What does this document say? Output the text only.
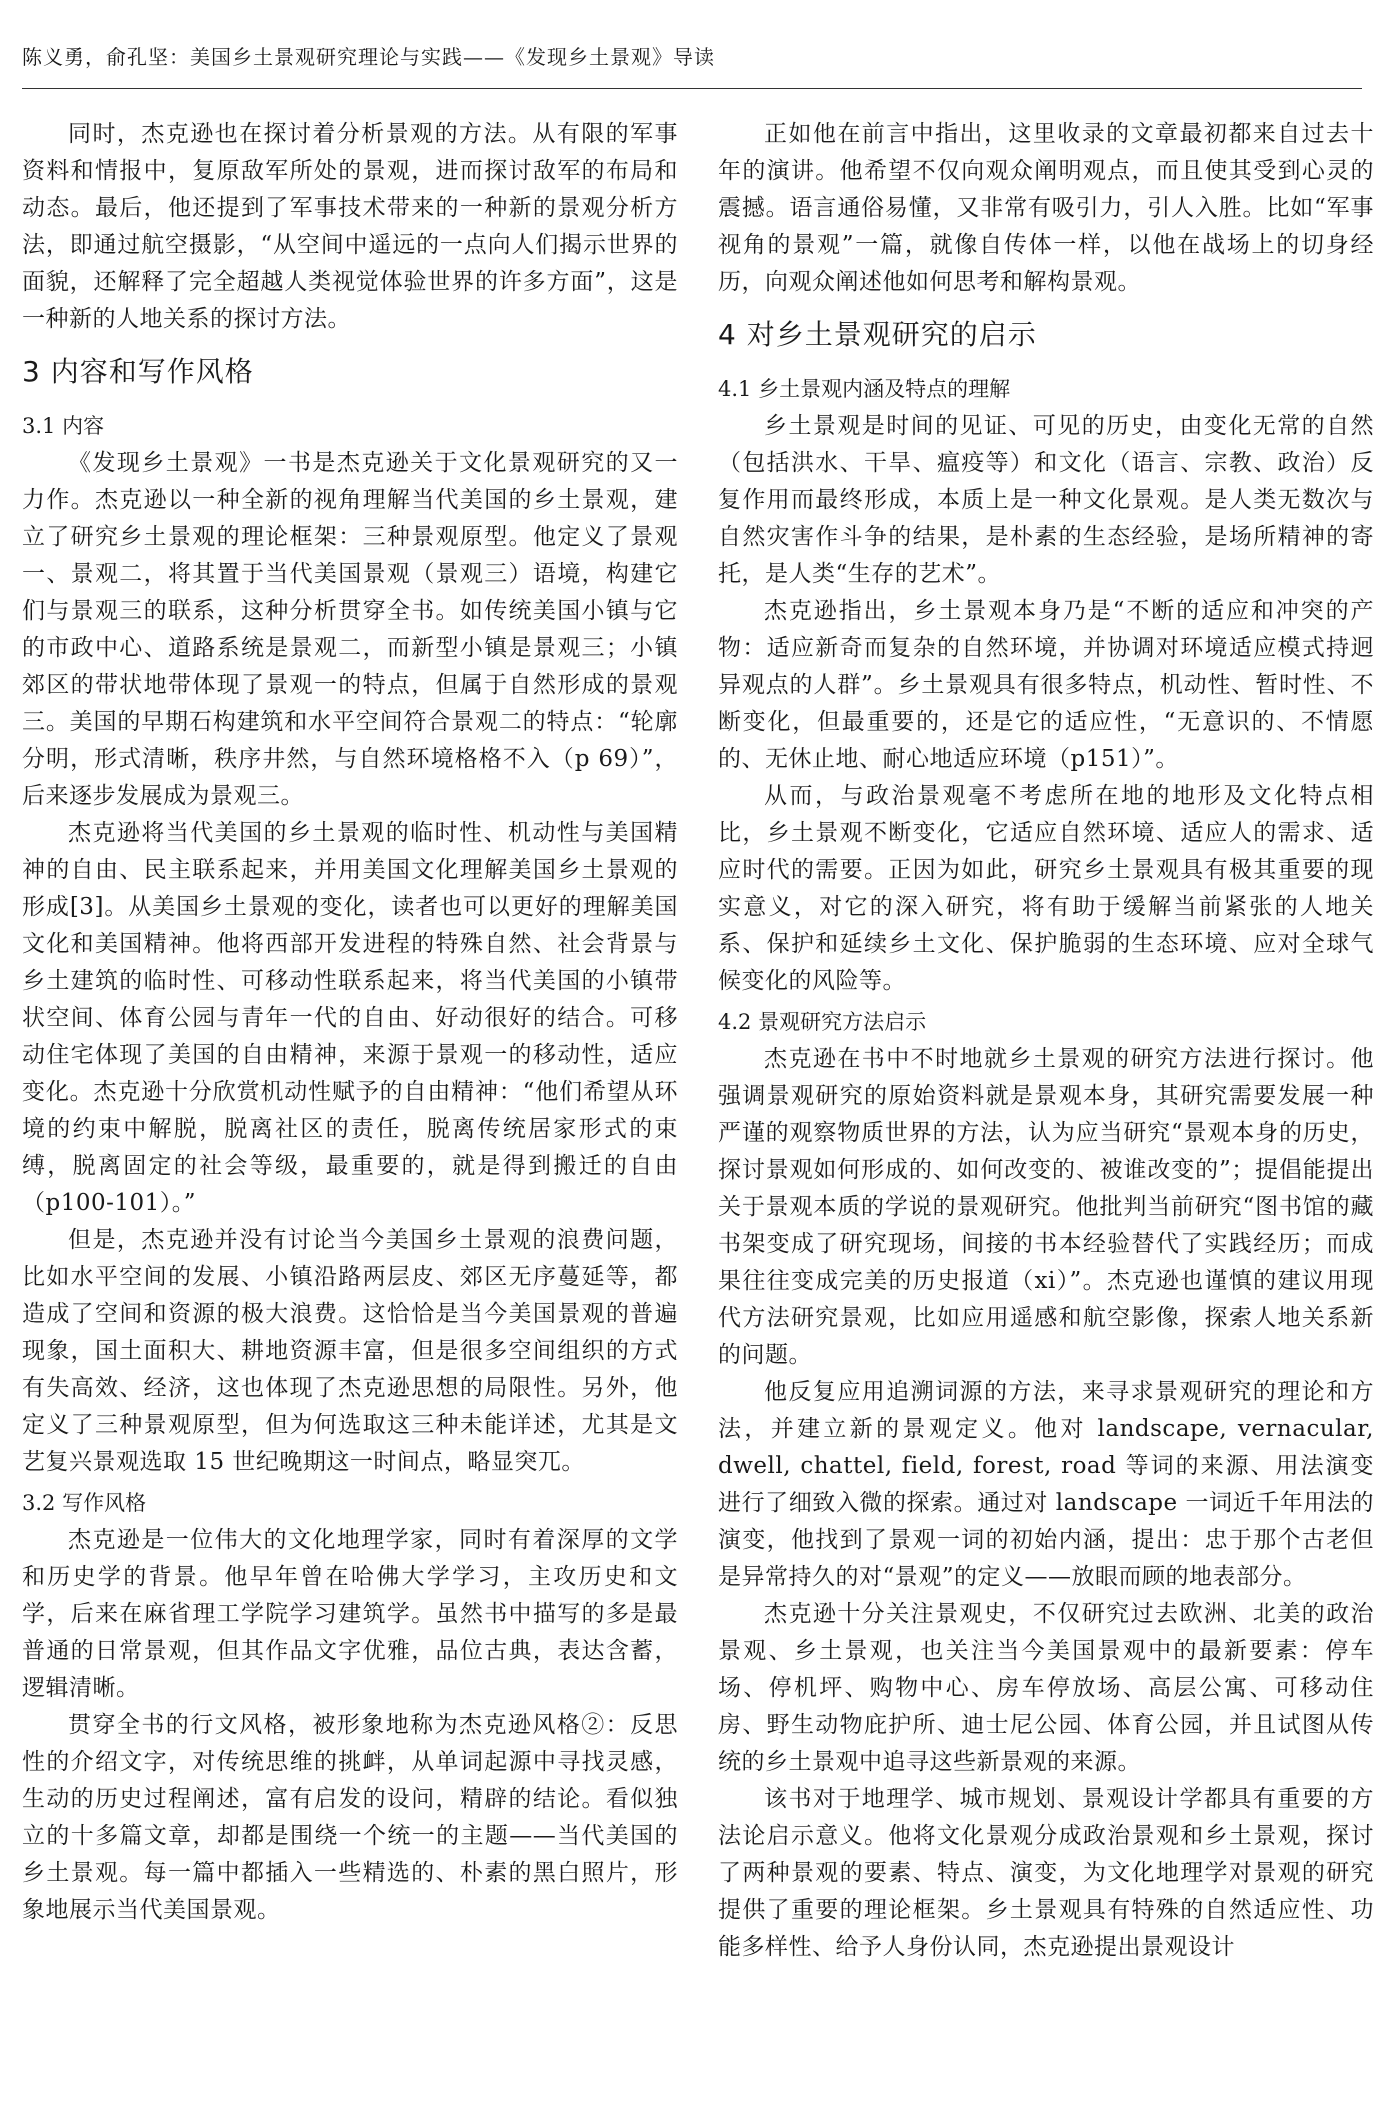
陈义勇，俞孔坚：美国乡土景观研究理论与实践——《发现乡土景观》导读

同时，杰克逊也在探讨着分析景观的方法。从有限的军事资料和情报中，复原敌军所处的景观，进而探讨敌军的布局和动态。最后，他还提到了军事技术带来的一种新的景观分析方法，即通过航空摄影，“从空间中遥远的一点向人们揭示世界的面貌，还解释了完全超越人类视觉体验世界的许多方面”，这是一种新的人地关系的探讨方法。

3 内容和写作风格
3.1 内容

《发现乡土景观》一书是杰克逊关于文化景观研究的又一力作。杰克逊以一种全新的视角理解当代美国的乡土景观，建立了研究乡土景观的理论框架：三种景观原型。他定义了景观一、景观二，将其置于当代美国景观（景观三）语境，构建它们与景观三的联系，这种分析贯穿全书。如传统美国小镇与它的市政中心、道路系统是景观二，而新型小镇是景观三；小镇郊区的带状地带体现了景观一的特点，但属于自然形成的景观三。美国的早期石构建筑和水平空间符合景观二的特点：“轮廓分明，形式清晰，秩序井然，与自然环境格格不入（p 69）”，后来逐步发展成为景观三。

杰克逊将当代美国的乡土景观的临时性、机动性与美国精神的自由、民主联系起来，并用美国文化理解美国乡土景观的形成[3]。从美国乡土景观的变化，读者也可以更好的理解美国文化和美国精神。他将西部开发进程的特殊自然、社会背景与乡土建筑的临时性、可移动性联系起来，将当代美国的小镇带状空间、体育公园与青年一代的自由、好动很好的结合。可移动住宅体现了美国的自由精神，来源于景观一的移动性，适应变化。杰克逊十分欣赏机动性赋予的自由精神：“他们希望从环境的约束中解脱，脱离社区的责任，脱离传统居家形式的束缚，脱离固定的社会等级，最重要的，就是得到搬迁的自由（p100-101）。”

但是，杰克逊并没有讨论当今美国乡土景观的浪费问题，比如水平空间的发展、小镇沿路两层皮、郊区无序蔓延等，都造成了空间和资源的极大浪费。这恰恰是当今美国景观的普遍现象，国土面积大、耕地资源丰富，但是很多空间组织的方式有失高效、经济，这也体现了杰克逊思想的局限性。另外，他定义了三种景观原型，但为何选取这三种未能详述，尤其是文艺复兴景观选取 15 世纪晚期这一时间点，略显突兀。

3.2 写作风格

杰克逊是一位伟大的文化地理学家，同时有着深厚的文学和历史学的背景。他早年曾在哈佛大学学习，主攻历史和文学，后来在麻省理工学院学习建筑学。虽然书中描写的多是最普通的日常景观，但其作品文字优雅，品位古典，表达含蓄，逻辑清晰。

贯穿全书的行文风格，被形象地称为杰克逊风格②：反思性的介绍文字，对传统思维的挑衅，从单词起源中寻找灵感，生动的历史过程阐述，富有启发的设问，精辟的结论。看似独立的十多篇文章，却都是围绕一个统一的主题——当代美国的乡土景观。每一篇中都插入一些精选的、朴素的黑白照片，形象地展示当代美国景观。

正如他在前言中指出，这里收录的文章最初都来自过去十年的演讲。他希望不仅向观众阐明观点，而且使其受到心灵的震撼。语言通俗易懂，又非常有吸引力，引人入胜。比如“军事视角的景观”一篇，就像自传体一样，以他在战场上的切身经历，向观众阐述他如何思考和解构景观。

4 对乡土景观研究的启示
4.1 乡土景观内涵及特点的理解

乡土景观是时间的见证、可见的历史，由变化无常的自然（包括洪水、干旱、瘟疫等）和文化（语言、宗教、政治）反复作用而最终形成，本质上是一种文化景观。是人类无数次与自然灾害作斗争的结果，是朴素的生态经验，是场所精神的寄托，是人类“生存的艺术”。

杰克逊指出，乡土景观本身乃是“不断的适应和冲突的产物：适应新奇而复杂的自然环境，并协调对环境适应模式持迥异观点的人群”。乡土景观具有很多特点，机动性、暂时性、不断变化，但最重要的，还是它的适应性，“无意识的、不情愿的、无休止地、耐心地适应环境（p151）”。

从而，与政治景观毫不考虑所在地的地形及文化特点相比，乡土景观不断变化，它适应自然环境、适应人的需求、适应时代的需要。正因为如此，研究乡土景观具有极其重要的现实意义，对它的深入研究，将有助于缓解当前紧张的人地关系、保护和延续乡土文化、保护脆弱的生态环境、应对全球气候变化的风险等。

4.2 景观研究方法启示

杰克逊在书中不时地就乡土景观的研究方法进行探讨。他强调景观研究的原始资料就是景观本身，其研究需要发展一种严谨的观察物质世界的方法，认为应当研究“景观本身的历史，探讨景观如何形成的、如何改变的、被谁改变的”；提倡能提出关于景观本质的学说的景观研究。他批判当前研究“图书馆的藏书架变成了研究现场，间接的书本经验替代了实践经历；而成果往往变成完美的历史报道（xi）”。杰克逊也谨慎的建议用现代方法研究景观，比如应用遥感和航空影像，探索人地关系新的问题。

他反复应用追溯词源的方法，来寻求景观研究的理论和方法，并建立新的景观定义。他对 landscape, vernacular, dwell, chattel, field, forest, road 等词的来源、用法演变进行了细致入微的探索。通过对 landscape 一词近千年用法的演变，他找到了景观一词的初始内涵，提出：忠于那个古老但是异常持久的对“景观”的定义——放眼而顾的地表部分。

杰克逊十分关注景观史，不仅研究过去欧洲、北美的政治景观、乡土景观，也关注当今美国景观中的最新要素：停车场、停机坪、购物中心、房车停放场、高层公寓、可移动住房、野生动物庇护所、迪士尼公园、体育公园，并且试图从传统的乡土景观中追寻这些新景观的来源。

该书对于地理学、城市规划、景观设计学都具有重要的方法论启示意义。他将文化景观分成政治景观和乡土景观，探讨了两种景观的要素、特点、演变，为文化地理学对景观的研究提供了重要的理论框架。乡土景观具有特殊的自然适应性、功能多样性、给予人身份认同，杰克逊提出景观设计
